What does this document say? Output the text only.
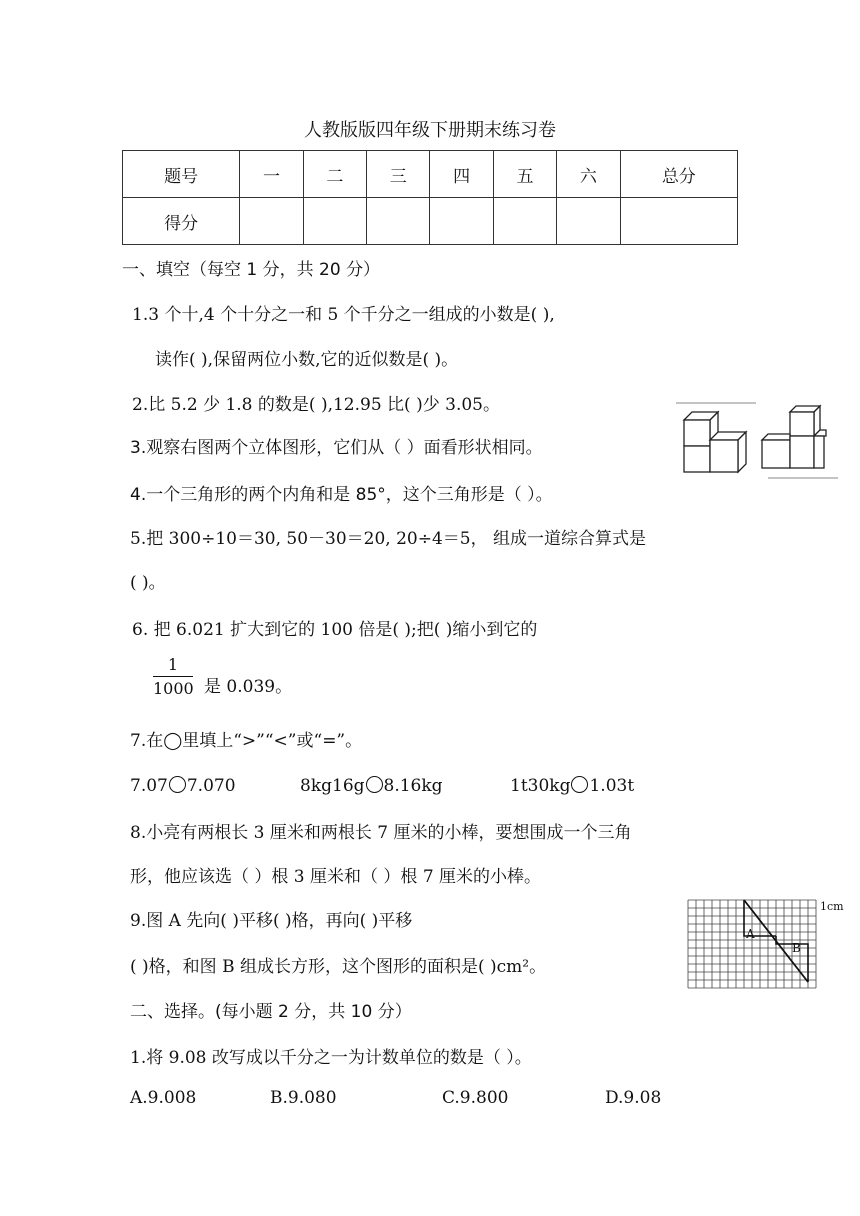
人教版版四年级下册期末练习卷
题号	一	二	三	四	五	六	总分
得分							
一、填空（每空 1 分，共 20 分）
1.3 个十,4 个十分之一和 5 个千分之一组成的小数是( ),
读作( ),保留两位小数,它的近似数是( )。
2.比 5.2 少 1.8 的数是( ),12.95 比( )少 3.05。
3.观察右图两个立体图形，它们从（ ）面看形状相同。
4.一个三角形的两个内角和是 85°，这个三角形是（ ）。
5.把 300÷10＝30, 50－30＝20, 20÷4＝5， 组成一道综合算式是
( )。
6. 把 6.021 扩大到它的 100 倍是( );把( )缩小到它的
$\frac{1}{1000}$ 是 0.039。
7.在◯里填上“>”“<”或“=”。
7.07 7.070	8kg16g 8.16kg	1t30kg 1.03t
8.小亮有两根长 3 厘米和两根长 7 厘米的小棒，要想围成一个三角
形，他应该选（ ）根 3 厘米和（ ）根 7 厘米的小棒。
9.图 A 先向( )平移( )格，再向( )平移
( )格，和图 B 组成长方形，这个图形的面积是( )cm²。
二、选择。(每小题 2 分，共 10 分）
1.将 9.08 改写成以千分之一为计数单位的数是（ ）。
A.9.008	B.9.080	C.9.800	D.9.08
A
B
1cm
